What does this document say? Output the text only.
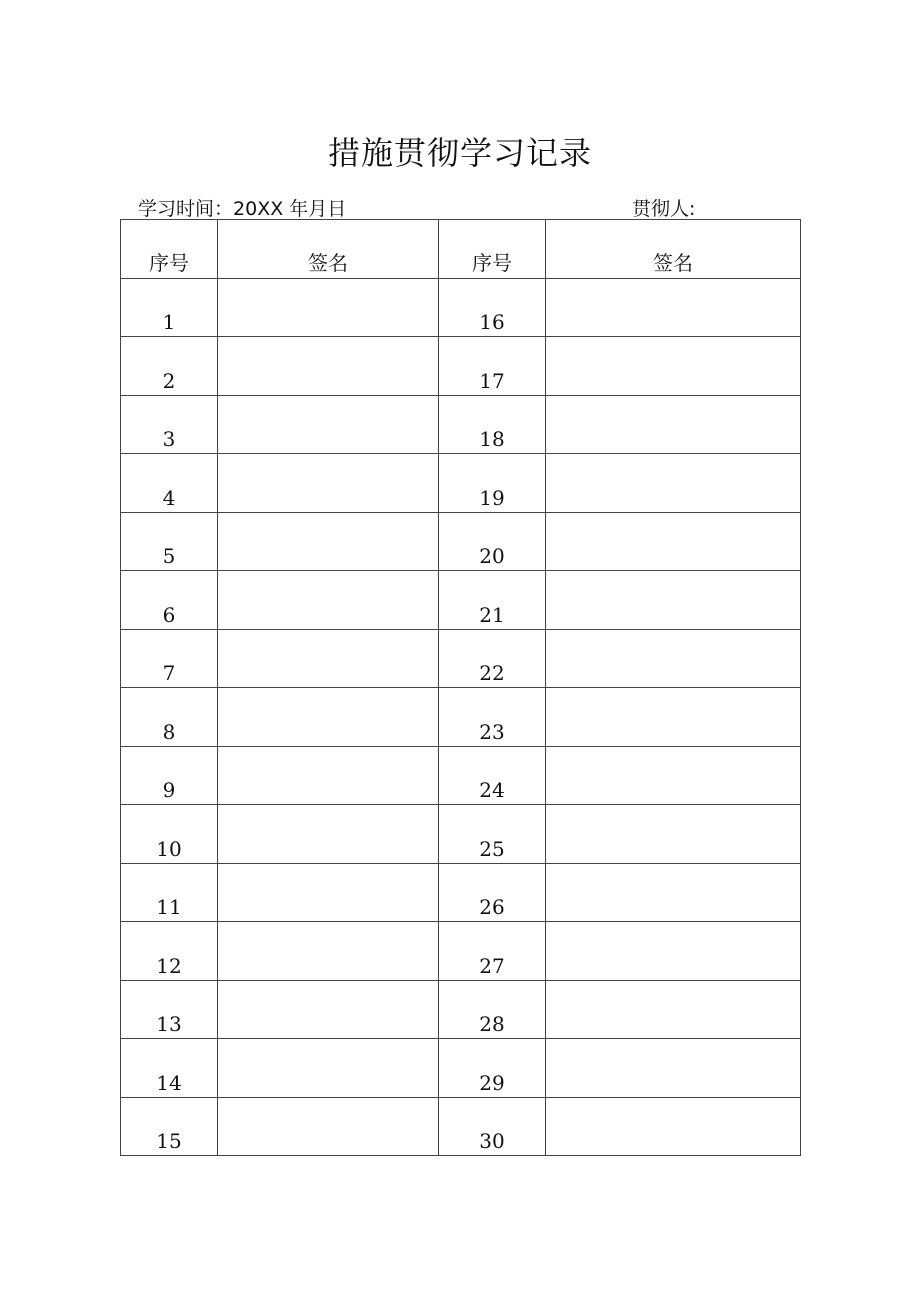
措施贯彻学习记录
学习时间：20XX 年月日	贯彻人:
序号	签名	序号	签名
1		16	
2		17	
3		18	
4		19	
5		20	
6		21	
7		22	
8		23	
9		24	
10		25	
11		26	
12		27	
13		28	
14		29	
15		30	
